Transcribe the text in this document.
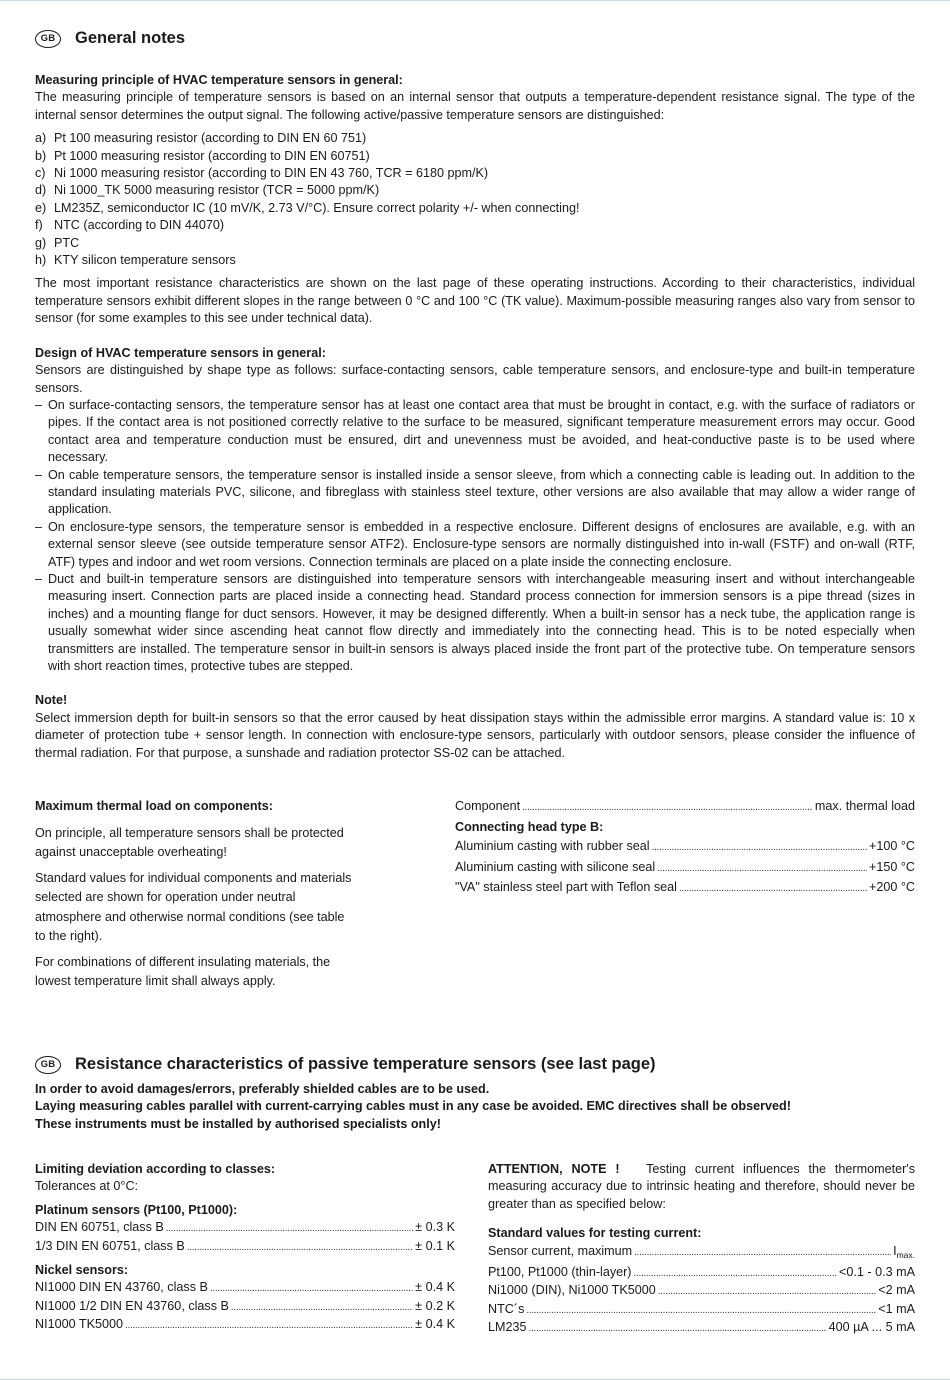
GB	General notes

Measuring principle of HVAC temperature sensors in general:

The measuring principle of temperature sensors is based on an internal sensor that outputs a temperature-dependent resistance signal. The type of the internal sensor determines the output signal. The following active/passive temperature sensors are distinguished:

a) Pt 100 measuring resistor (according to DIN EN 60 751)
b) Pt 1000 measuring resistor (according to DIN EN 60751)
c) Ni 1000 measuring resistor (according to DIN EN 43 760, TCR = 6180 ppm/K)
d) Ni 1000_TK 5000 measuring resistor (TCR = 5000 ppm/K)
e) LM235Z, semiconductor IC (10 mV/K, 2.73 V/°C). Ensure correct polarity +/- when connecting!
f) NTC (according to DIN 44070)
g) PTC
h) KTY silicon temperature sensors

The most important resistance characteristics are shown on the last page of these operating instructions. According to their characteristics, individual temperature sensors exhibit different slopes in the range between 0 °C and 100 °C (TK value). Maximum-possible measuring ranges also vary from sensor to sensor (for some examples to this see under technical data).

Design of HVAC temperature sensors in general:

Sensors are distinguished by shape type as follows: surface-contacting sensors, cable temperature sensors, and enclosure-type and built-in temperature sensors.

– On surface-contacting sensors, the temperature sensor has at least one contact area that must be brought in contact, e.g. with the surface of radiators or pipes. If the contact area is not positioned correctly relative to the surface to be measured, significant temperature measurement errors may occur. Good contact area and temperature conduction must be ensured, dirt and unevenness must be avoided, and heat-conductive paste is to be used where necessary.
– On cable temperature sensors, the temperature sensor is installed inside a sensor sleeve, from which a connecting cable is leading out. In addition to the standard insulating materials PVC, silicone, and fibreglass with stainless steel texture, other versions are also available that may allow a wider range of application.
– On enclosure-type sensors, the temperature sensor is embedded in a respective enclosure. Different designs of enclosures are available, e.g. with an external sensor sleeve (see outside temperature sensor ATF2). Enclosure-type sensors are normally distinguished into in-wall (FSTF) and on-wall (RTF, ATF) types and indoor and wet room versions. Connection terminals are placed on a plate inside the connecting enclosure.
– Duct and built-in temperature sensors are distinguished into temperature sensors with interchangeable measuring insert and without interchangeable measuring insert. Connection parts are placed inside a connecting head. Standard process connection for immersion sensors is a pipe thread (sizes in inches) and a mounting flange for duct sensors. However, it may be designed differently. When a built-in sensor has a neck tube, the application range is usually somewhat wider since ascending heat cannot flow directly and immediately into the connecting head. This is to be noted especially when transmitters are installed. The temperature sensor in built-in sensors is always placed inside the front part of the protective tube. On temperature sensors with short reaction times, protective tubes are stepped.

Note!

Select immersion depth for built-in sensors so that the error caused by heat dissipation stays within the admissible error margins. A standard value is: 10 x diameter of protection tube + sensor length. In connection with enclosure-type sensors, particularly with outdoor sensors, please consider the influence of thermal radiation. For that purpose, a sunshade and radiation protector SS-02 can be attached.

Maximum thermal load on components:

On principle, all temperature sensors shall be protected against unacceptable overheating!

Standard values for individual components and materials selected are shown for operation under neutral atmosphere and otherwise normal conditions (see table to the right).

For combinations of different insulating materials, the lowest temperature limit shall always apply.

Component .....	max. thermal load

Connecting head type B:

Aluminium casting with rubber seal .....	+100 °C
Aluminium casting with silicone seal .....	+150 °C
"VA" stainless steel part with Teflon seal .....	+200 °C
GB	Resistance characteristics of passive temperature sensors (see last page)

In order to avoid damages/errors, preferably shielded cables are to be used.

Laying measuring cables parallel with current-carrying cables must in any case be avoided. EMC directives shall be observed!

These instruments must be installed by authorised specialists only!

Limiting deviation according to classes:

Tolerances at 0°C:

Platinum sensors (Pt100, Pt1000):

DIN EN 60751, class B .....	± 0.3 K
1/3 DIN EN 60751, class B .....	± 0.1 K

Nickel sensors:

NI1000 DIN EN 43760, class B .....	± 0.4 K
NI1000 1/2 DIN EN 43760, class B .....	± 0.2 K
NI1000 TK5000 .....	± 0.4 K

ATTENTION, NOTE ! Testing current influences the thermometer's measuring accuracy due to intrinsic heating and therefore, should never be greater than as specified below:

Standard values for testing current:

Sensor current, maximum .....	$I_{max.}$
Pt100, Pt1000 (thin-layer) .....	<0.1 - 0.3 mA
Ni1000 (DIN), Ni1000 TK5000 .....	<2 mA
NTC´s .....	<1 mA
LM235 .....	400 µA ... 5 mA
